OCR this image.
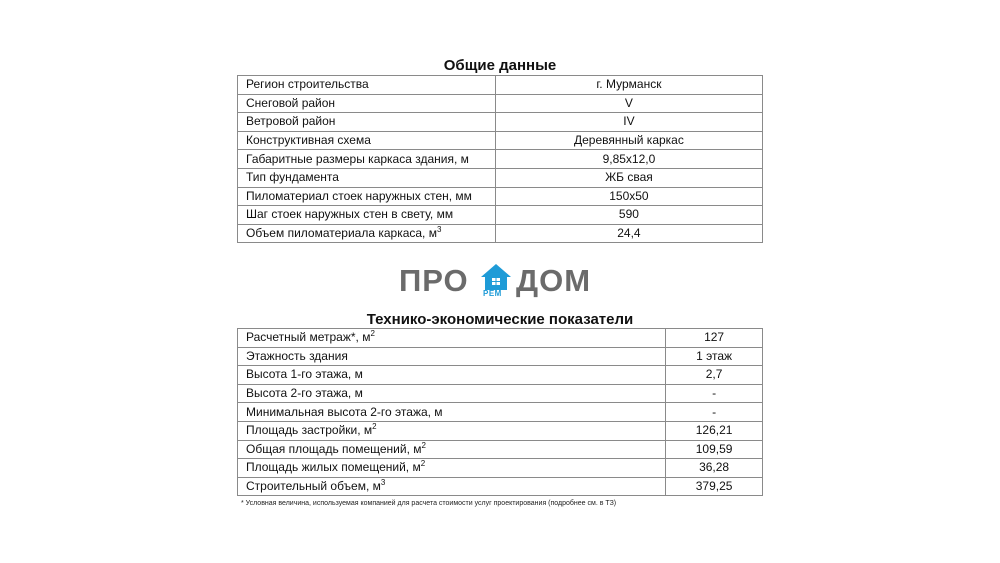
Общие данные
Регион строительства	г. Мурманск
Снеговой район	V
Ветровой район	IV
Конструктивная схема	Деревянный каркас
Габаритные размеры каркаса здания, м	9,85х12,0
Тип фундамента	ЖБ свая
Пиломатериал стоек наружных стен, мм	150х50
Шаг стоек наружных стен в свету, мм	590
Объем пиломатериала каркаса, $м^3$	24,4
ПРО РЕМ ДОМ
Технико-экономические показатели
Расчетный метраж*, $м^2$	127
Этажность здания	1 этаж
Высота 1-го этажа, м	2,7
Высота 2-го этажа, м	-
Минимальная высота 2-го этажа, м	-
Площадь застройки, $м^2$	126,21
Общая площадь помещений, $м^2$	109,59
Площадь жилых помещений, $м^2$	36,28
Строительный объем, $м^3$	379,25
* Условная величина, используемая компанией для расчета стоимости услуг проектирования (подробнее см. в ТЗ)
